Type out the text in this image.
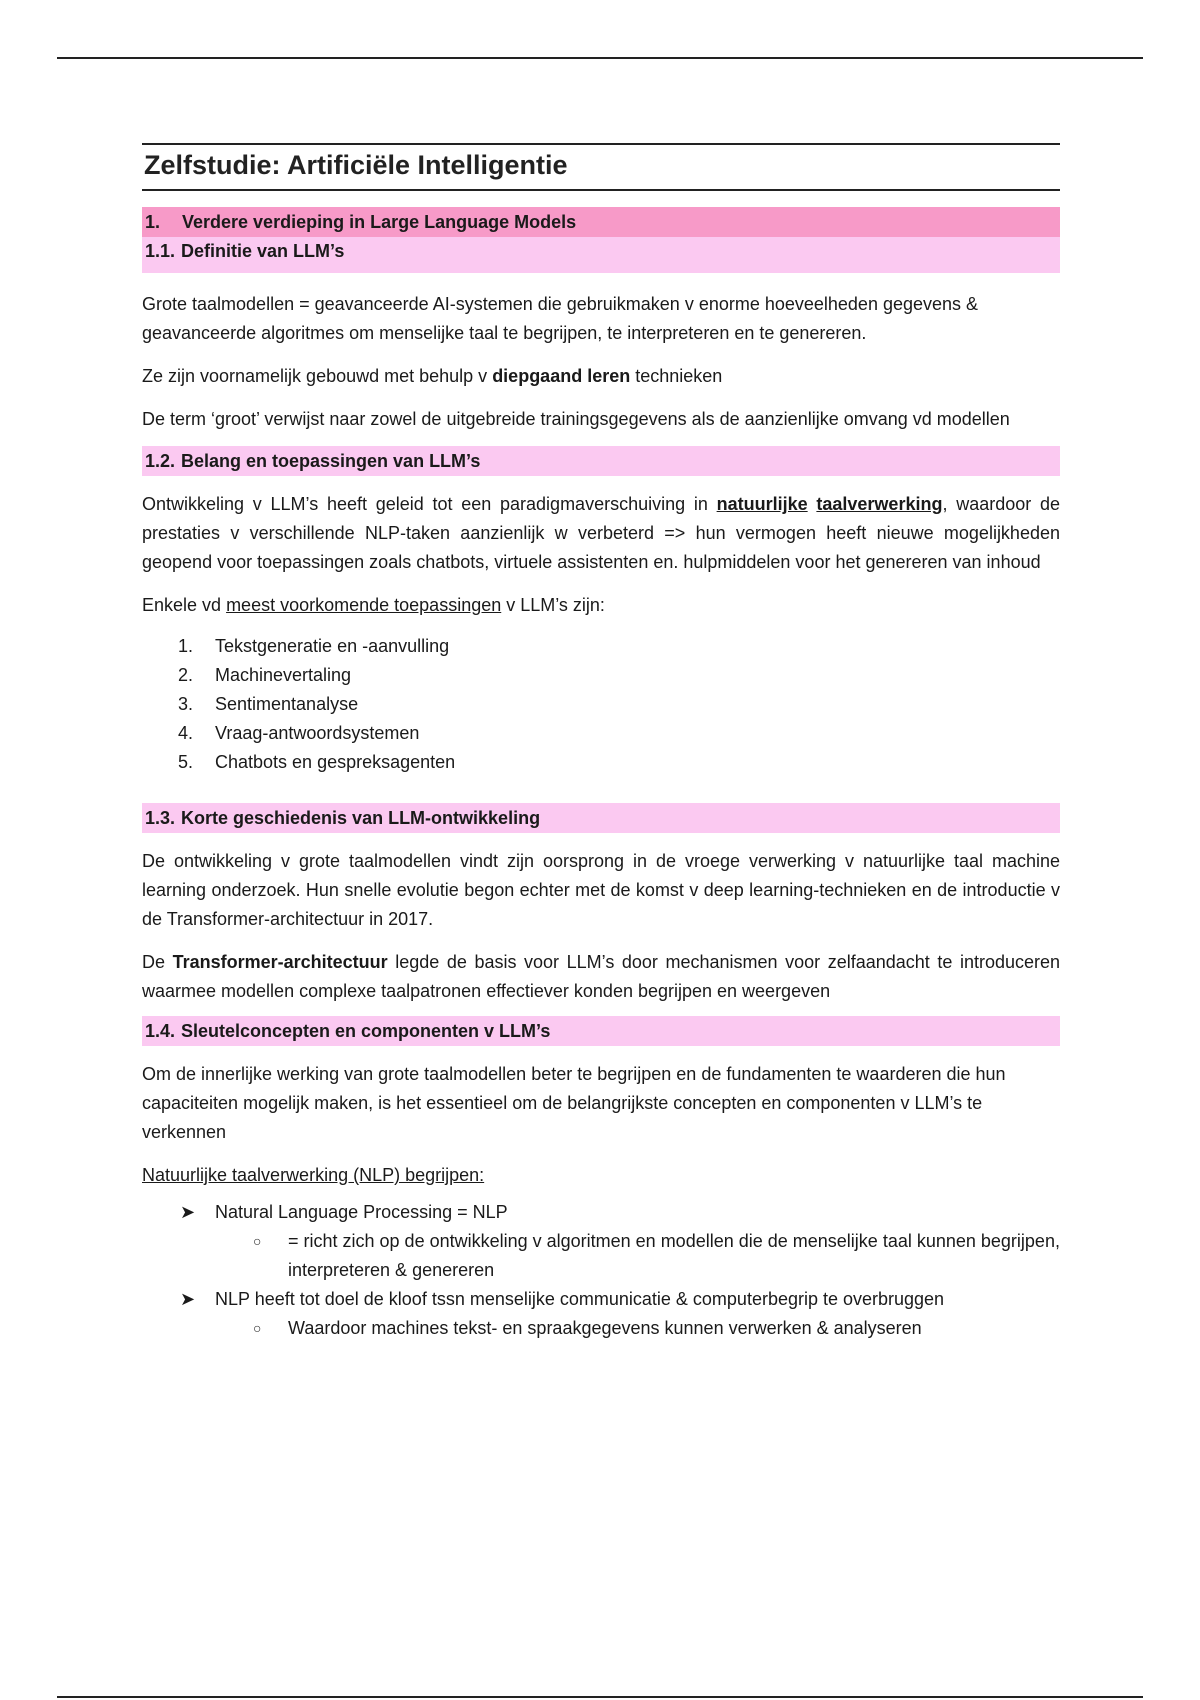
Zelfstudie: Artificiële Intelligentie
1. Verdere verdieping in Large Language Models
1.1. Definitie van LLM’s

Grote taalmodellen = geavanceerde AI-systemen die gebruikmaken v enorme hoeveelheden gegevens & geavanceerde algoritmes om menselijke taal te begrijpen, te interpreteren en te genereren.

Ze zijn voornamelijk gebouwd met behulp v diepgaand leren technieken

De term ‘groot’ verwijst naar zowel de uitgebreide trainingsgegevens als de aanzienlijke omvang vd modellen

1.2. Belang en toepassingen van LLM’s

Ontwikkeling v LLM’s heeft geleid tot een paradigmaverschuiving in natuurlijke taalverwerking, waardoor de prestaties v verschillende NLP-taken aanzienlijk w verbeterd => hun vermogen heeft nieuwe mogelijkheden geopend voor toepassingen zoals chatbots, virtuele assistenten en. hulpmiddelen voor het genereren van inhoud

Enkele vd meest voorkomende toepassingen v LLM’s zijn:

1.	Tekstgeneratie en -aanvulling
2.	Machinevertaling
3.	Sentimentanalyse
4.	Vraag-antwoordsystemen
5.	Chatbots en gespreksagenten
1.3. Korte geschiedenis van LLM-ontwikkeling

De ontwikkeling v grote taalmodellen vindt zijn oorsprong in de vroege verwerking v natuurlijke taal machine learning onderzoek. Hun snelle evolutie begon echter met de komst v deep learning-technieken en de introductie v de Transformer-architectuur in 2017.

De Transformer-architectuur legde de basis voor LLM’s door mechanismen voor zelfaandacht te introduceren waarmee modellen complexe taalpatronen effectiever konden begrijpen en weergeven

1.4. Sleutelconcepten en componenten v LLM’s

Om de innerlijke werking van grote taalmodellen beter te begrijpen en de fundamenten te waarderen die hun capaciteiten mogelijk maken, is het essentieel om de belangrijkste concepten en componenten v LLM’s te verkennen

Natuurlijke taalverwerking (NLP) begrijpen:

➤ Natural Language Processing = NLP
○ = richt zich op de ontwikkeling v algoritmen en modellen die de menselijke taal kunnen begrijpen, interpreteren & genereren
➤ NLP heeft tot doel de kloof tssn menselijke communicatie & computerbegrip te overbruggen
○ Waardoor machines tekst- en spraakgegevens kunnen verwerken & analyseren
